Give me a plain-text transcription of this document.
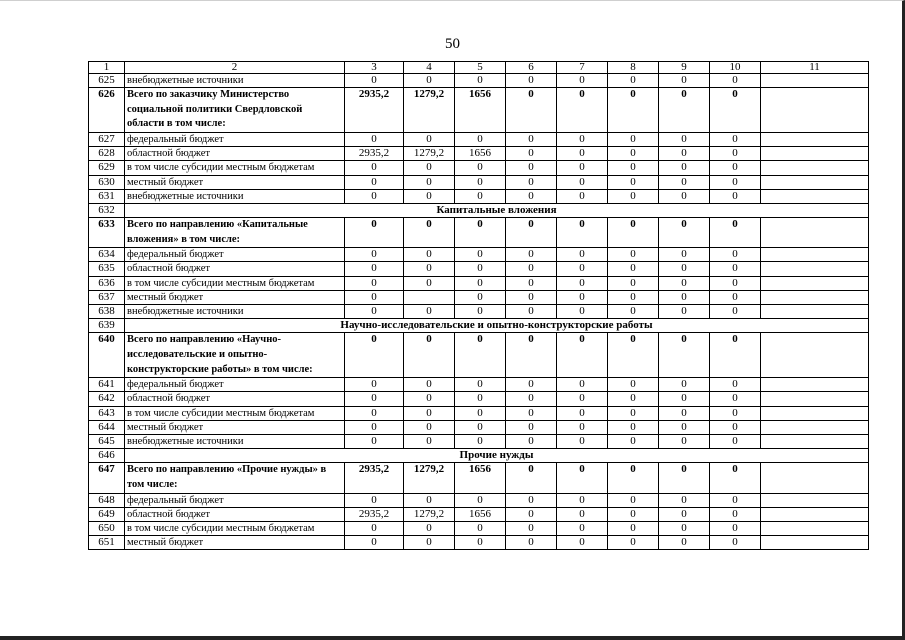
50
1	2	3	4	5	6	7	8	9	10	11
625	внебюджетные источники	0	0	0	0	0	0	0	0	
626	Всего по заказчику Министерство социальной политики Свердловской области в том числе:	2935,2	1279,2	1656	0	0	0	0	0	
627	федеральный бюджет	0	0	0	0	0	0	0	0	
628	областной бюджет	2935,2	1279,2	1656	0	0	0	0	0	
629	в том числе субсидии местным бюджетам	0	0	0	0	0	0	0	0	
630	местный бюджет	0	0	0	0	0	0	0	0	
631	внебюджетные источники	0	0	0	0	0	0	0	0	
632	Капитальные вложения									
633	Всего по направлению «Капитальные вложения» в том числе:	0	0	0	0	0	0	0	0	
634	федеральный бюджет	0	0	0	0	0	0	0	0	
635	областной бюджет	0	0	0	0	0	0	0	0	
636	в том числе субсидии местным бюджетам	0	0	0	0	0	0	0	0	
637	местный бюджет	0		0	0	0	0	0	0	
638	внебюджетные источники	0	0	0	0	0	0	0	0	
639	Научно-исследовательские и опытно-конструкторские работы									
640	Всего по направлению «Научно-исследовательские и опытно-конструкторские работы» в том числе:	0	0	0	0	0	0	0	0	
641	федеральный бюджет	0	0	0	0	0	0	0	0	
642	областной бюджет	0	0	0	0	0	0	0	0	
643	в том числе субсидии местным бюджетам	0	0	0	0	0	0	0	0	
644	местный бюджет	0	0	0	0	0	0	0	0	
645	внебюджетные источники	0	0	0	0	0	0	0	0	
646	Прочие нужды									
647	Всего по направлению «Прочие нужды» в том числе:	2935,2	1279,2	1656	0	0	0	0	0	
648	федеральный бюджет	0	0	0	0	0	0	0	0	
649	областной бюджет	2935,2	1279,2	1656	0	0	0	0	0	
650	в том числе субсидии местным бюджетам	0	0	0	0	0	0	0	0	
651	местный бюджет	0	0	0	0	0	0	0	0	
